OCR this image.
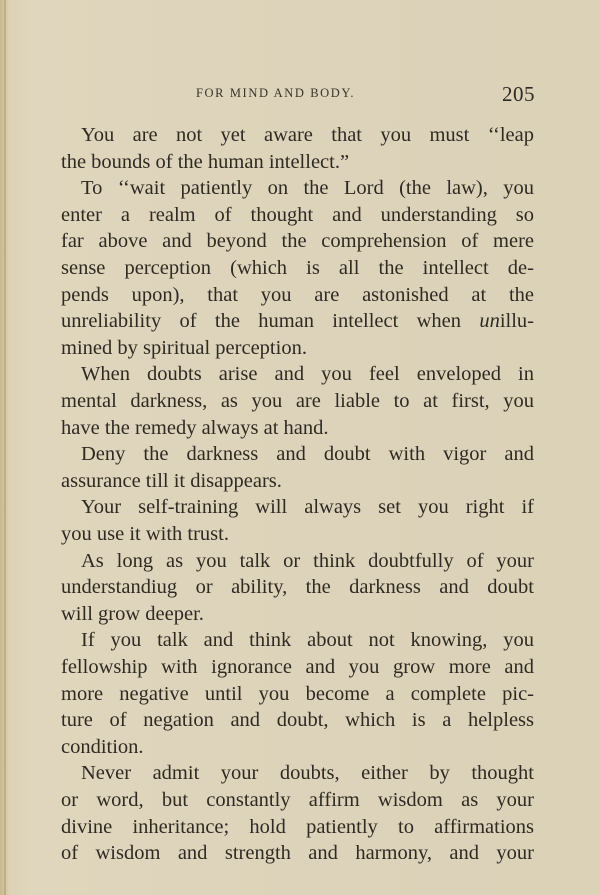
FOR MIND AND BODY.	205
You are not yet aware that you must ‘‘leap
the bounds of the human intellect.”
To ‘‘wait patiently on the Lord (the law), you
enter a realm of thought and understanding so
far above and beyond the comprehension of mere
sense perception (which is all the intellect de-
pends upon), that you are astonished at the
unreliability of the human intellect when unillu-
mined by spiritual perception.
When doubts arise and you feel enveloped in
mental darkness, as you are liable to at first, you
have the remedy always at hand.
Deny the darkness and doubt with vigor and
assurance till it disappears.
Your self-training will always set you right if
you use it with trust.
As long as you talk or think doubtfully of your
understandiug or ability, the darkness and doubt
will grow deeper.
If you talk and think about not knowing, you
fellowship with ignorance and you grow more and
more negative until you become a complete pic-
ture of negation and doubt, which is a helpless
condition.
Never admit your doubts, either by thought
or word, but constantly affirm wisdom as your
divine inheritance; hold patiently to affirmations
of wisdom and strength and harmony, and your
